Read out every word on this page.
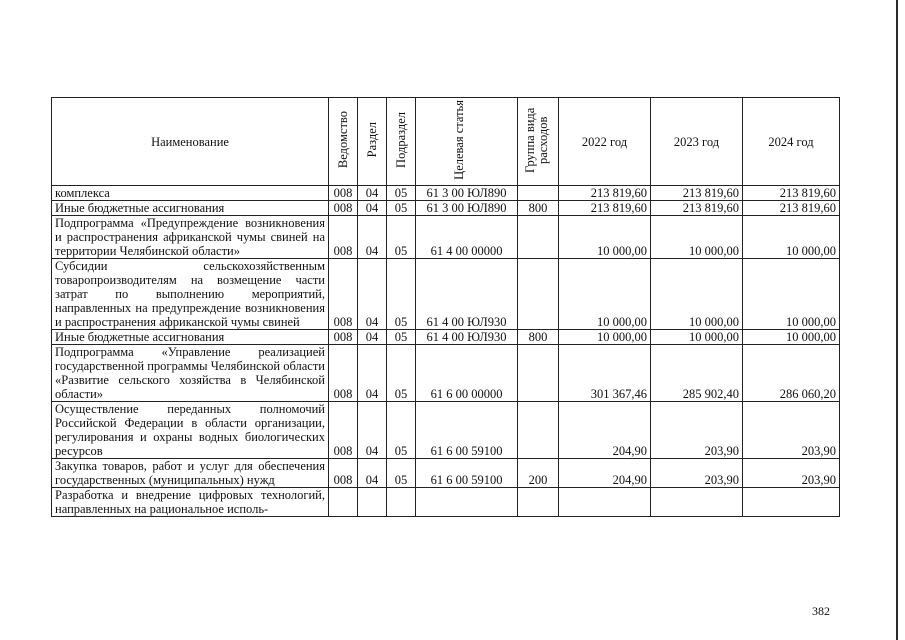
Наименование	Ведомство	Раздел	Подраздел	Целевая статья	Группа вида расходов	2022 год	2023 год	2024 год
комплекса	008	04	05	61 3 00 ЮЛ890		213 819,60	213 819,60	213 819,60
Иные бюджетные ассигнования	008	04	05	61 3 00 ЮЛ890	800	213 819,60	213 819,60	213 819,60
Подпрограмма «Предупреждение возникновения и распространения африканской чумы свиней на территории Челябинской области»	008	04	05	61 4 00 00000		10 000,00	10 000,00	10 000,00
Субсидии сельскохозяйственным товаропроизводителям на возмещение части затрат по выполнению мероприятий, направленных на предупреждение возникновения и распространения африканской чумы свиней	008	04	05	61 4 00 ЮЛ930		10 000,00	10 000,00	10 000,00
Иные бюджетные ассигнования	008	04	05	61 4 00 ЮЛ930	800	10 000,00	10 000,00	10 000,00
Подпрограмма «Управление реализацией государственной программы Челябинской области «Развитие сельского хозяйства в Челябинской области»	008	04	05	61 6 00 00000		301 367,46	285 902,40	286 060,20
Осуществление переданных полномочий Российской Федерации в области организации, регулирования и охраны водных биологических ресурсов	008	04	05	61 6 00 59100		204,90	203,90	203,90
Закупка товаров, работ и услуг для обеспечения государственных (муниципальных) нужд	008	04	05	61 6 00 59100	200	204,90	203,90	203,90
Разработка и внедрение цифровых технологий, направленных на рациональное исполь-								
382
